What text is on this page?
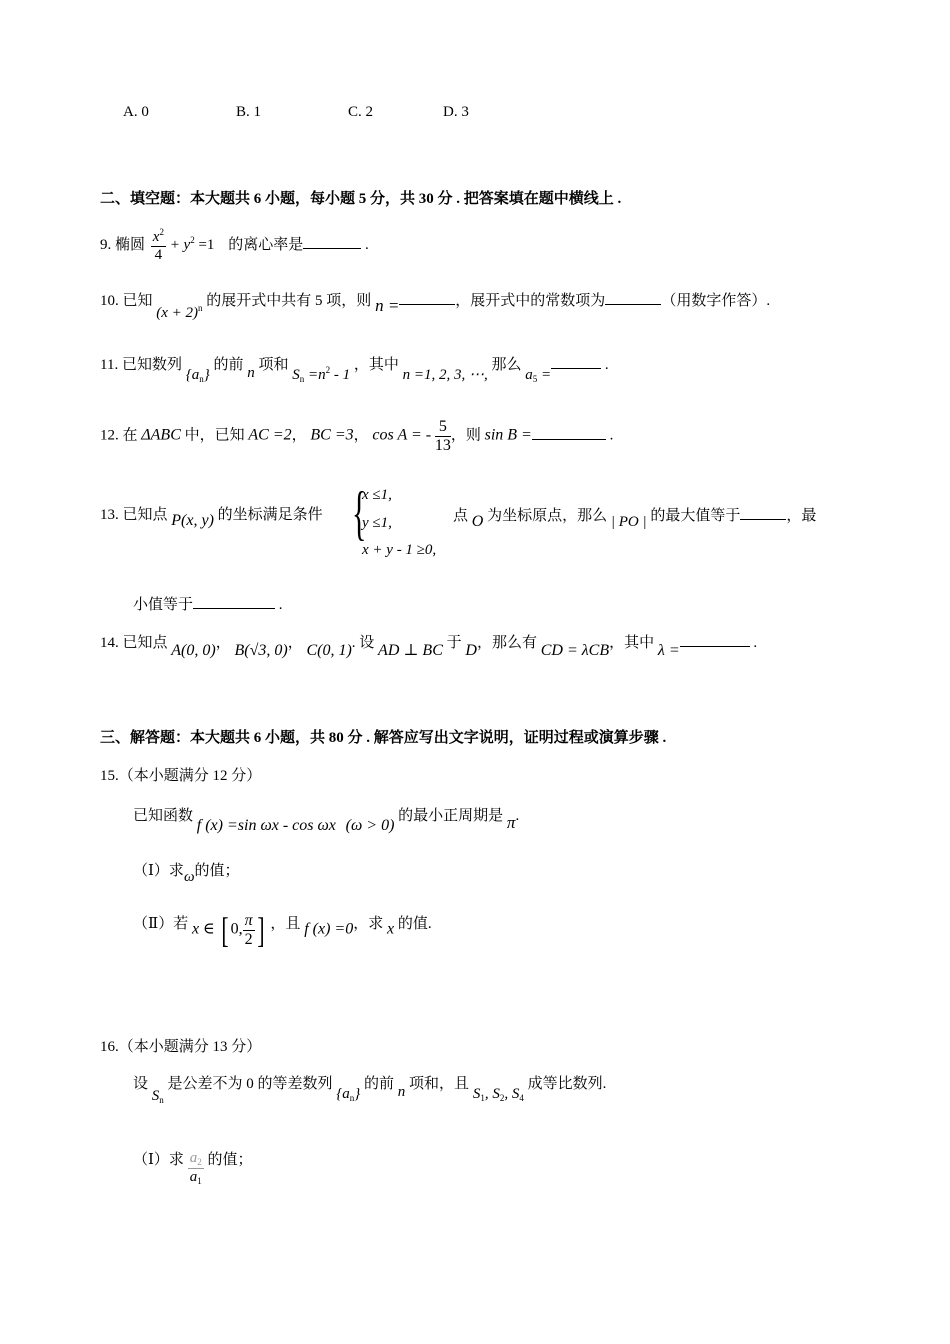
A. 0	B. 1	C. 2	D. 3
二、填空题：本大题共 6 小题，每小题 5 分，共 30 分 . 把答案填在题中横线上 .
9. 椭圆 $\frac{x^2}{4} + y^2 =1$ 的离心率是	.
10. 已知 $(x + 2)^n$ 的展开式中共有 5 项，则 n =	，展开式中的常数项为	（用数字作答）.
11. 已知数列 $\{a_n\}$ 的前 n 项和 $S_n =n^2 - 1$ ，其中 n =1, 2, 3, ⋯, 那么 $a_5$ = .
12. 在 ΔABC 中，已知 AC =2， BC =3， cos A = - $\frac{5}{13}$ ，则 sin B =	.
13. 已知点 P(x, y) 的坐标满足条件 {
x ≤1,
y ≤1,
x + y - 1 ≥0,
点 O 为坐标原点，那么 | PO | 的最大值等于	，最
小值等于	.
14. 已知点 A(0, 0)， B(√3, 0)， C(0, 1). 设 AD ⊥ BC 于 D，那么有 CD = λCB，其中 λ =	.
三、解答题：本大题共 6 小题，共 80 分 . 解答应写出文字说明，证明过程或演算步骤 .
15.（本小题满分 12 分）
已知函数 f (x) =sin ωx - cos ωx (ω > 0) 的最小正周期是 π.
（Ⅰ）求ω的值；
（Ⅱ）若 x ∈ [ 0, $\frac{\pi}{2}$ ] ，且 f (x) =0，求 x 的值.
16.（本小题满分 13 分）
设 $S_n$ 是公差不为 0 的等差数列 $\{a_n\}$ 的前 n 项和，且 $S_1$, $S_2$, $S_4$ 成等比数列.
（Ⅰ）求 $\frac{a_2}{a_1}$ 的值；
